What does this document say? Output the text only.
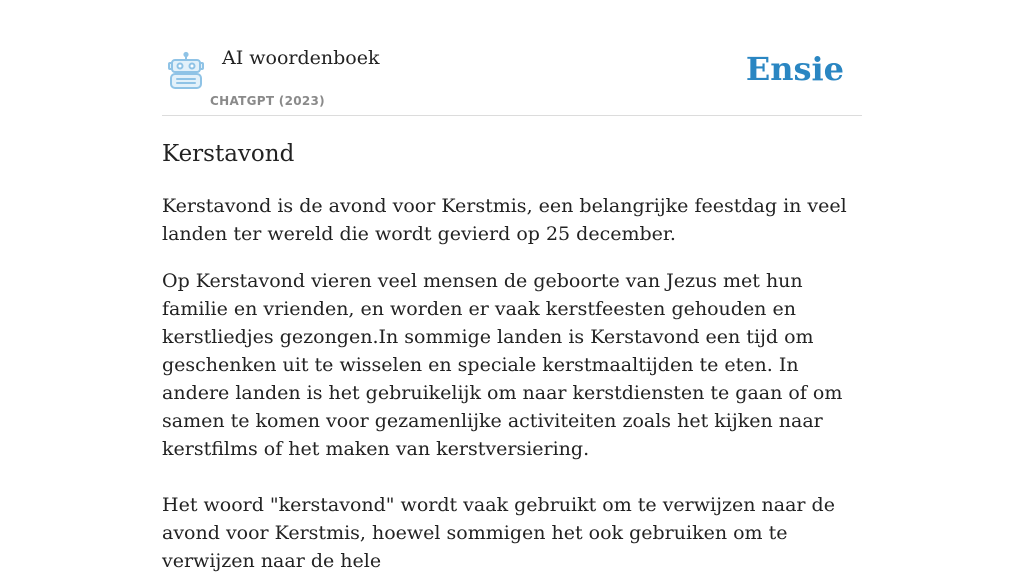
AI woordenboek
CHATGPT (2023)
Ensie
Kerstavond

Kerstavond is de avond voor Kerstmis, een belangrijke feestdag in veel landen ter wereld die wordt gevierd op 25 december.

Op Kerstavond vieren veel mensen de geboorte van Jezus met hun familie en vrienden, en worden er vaak kerstfeesten gehouden en kerstliedjes gezongen.In sommige landen is Kerstavond een tijd om geschenken uit te wisselen en speciale kerstmaaltijden te eten. In andere landen is het gebruikelijk om naar kerstdiensten te gaan of om samen te komen voor gezamenlijke activiteiten zoals het kijken naar kerstfilms of het maken van kerstversiering.

Het woord "kerstavond" wordt vaak gebruikt om te verwijzen naar de avond voor Kerstmis, hoewel sommigen het ook gebruiken om te verwijzen naar de hele
